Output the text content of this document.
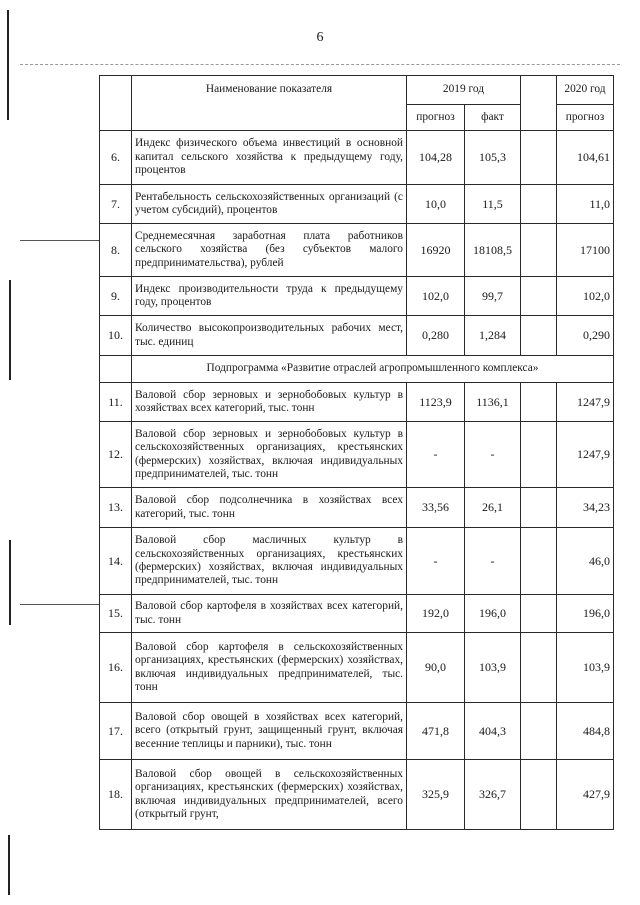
6
	Наименование показателя	2019 год			2020 год
		прогноз	факт		прогноз
6.	Индекс физического объема инвестиций в основной капитал сельского хозяйства к предыдущему году, процентов	104,28	105,3		104,61
7.	Рентабельность сельскохозяйственных организаций (с учетом субсидий), процентов	10,0	11,5		11,0
8.	Среднемесячная заработная плата работников сельского хозяйства (без субъектов малого предпринимательства), рублей	16920	18108,5		17100
9.	Индекс производительности труда к предыдущему году, процентов	102,0	99,7		102,0
10.	Количество высокопроизводительных рабочих мест, тыс. единиц	0,280	1,284		0,290
	Подпрограмма «Развитие отраслей агропромышленного комплекса»				
11.	Валовой сбор зерновых и зернобобовых культур в хозяйствах всех категорий, тыс. тонн	1123,9	1136,1		1247,9
12.	Валовой сбор зерновых и зернобобовых культур в сельскохозяйственных организациях, крестьянских (фермерских) хозяйствах, включая индивидуальных предпринимателей, тыс. тонн	-	-		1247,9
13.	Валовой сбор подсолнечника в хозяйствах всех категорий, тыс. тонн	33,56	26,1		34,23
14.	Валовой сбор масличных культур в сельскохозяйственных организациях, крестьянских (фермерских) хозяйствах, включая индивидуальных предпринимателей, тыс. тонн	-	-		46,0
15.	Валовой сбор картофеля в хозяйствах всех категорий, тыс. тонн	192,0	196,0		196,0
16.	Валовой сбор картофеля в сельскохозяйственных организациях, крестьянских (фермерских) хозяйствах, включая индивидуальных предпринимателей, тыс. тонн	90,0	103,9		103,9
17.	Валовой сбор овощей в хозяйствах всех категорий, всего (открытый грунт, защищенный грунт, включая весенние теплицы и парники), тыс. тонн	471,8	404,3		484,8
18.	Валовой сбор овощей в сельскохозяйственных организациях, крестьянских (фермерских) хозяйствах, включая индивидуальных предпринимателей, всего (открытый грунт,	325,9	326,7		427,9
